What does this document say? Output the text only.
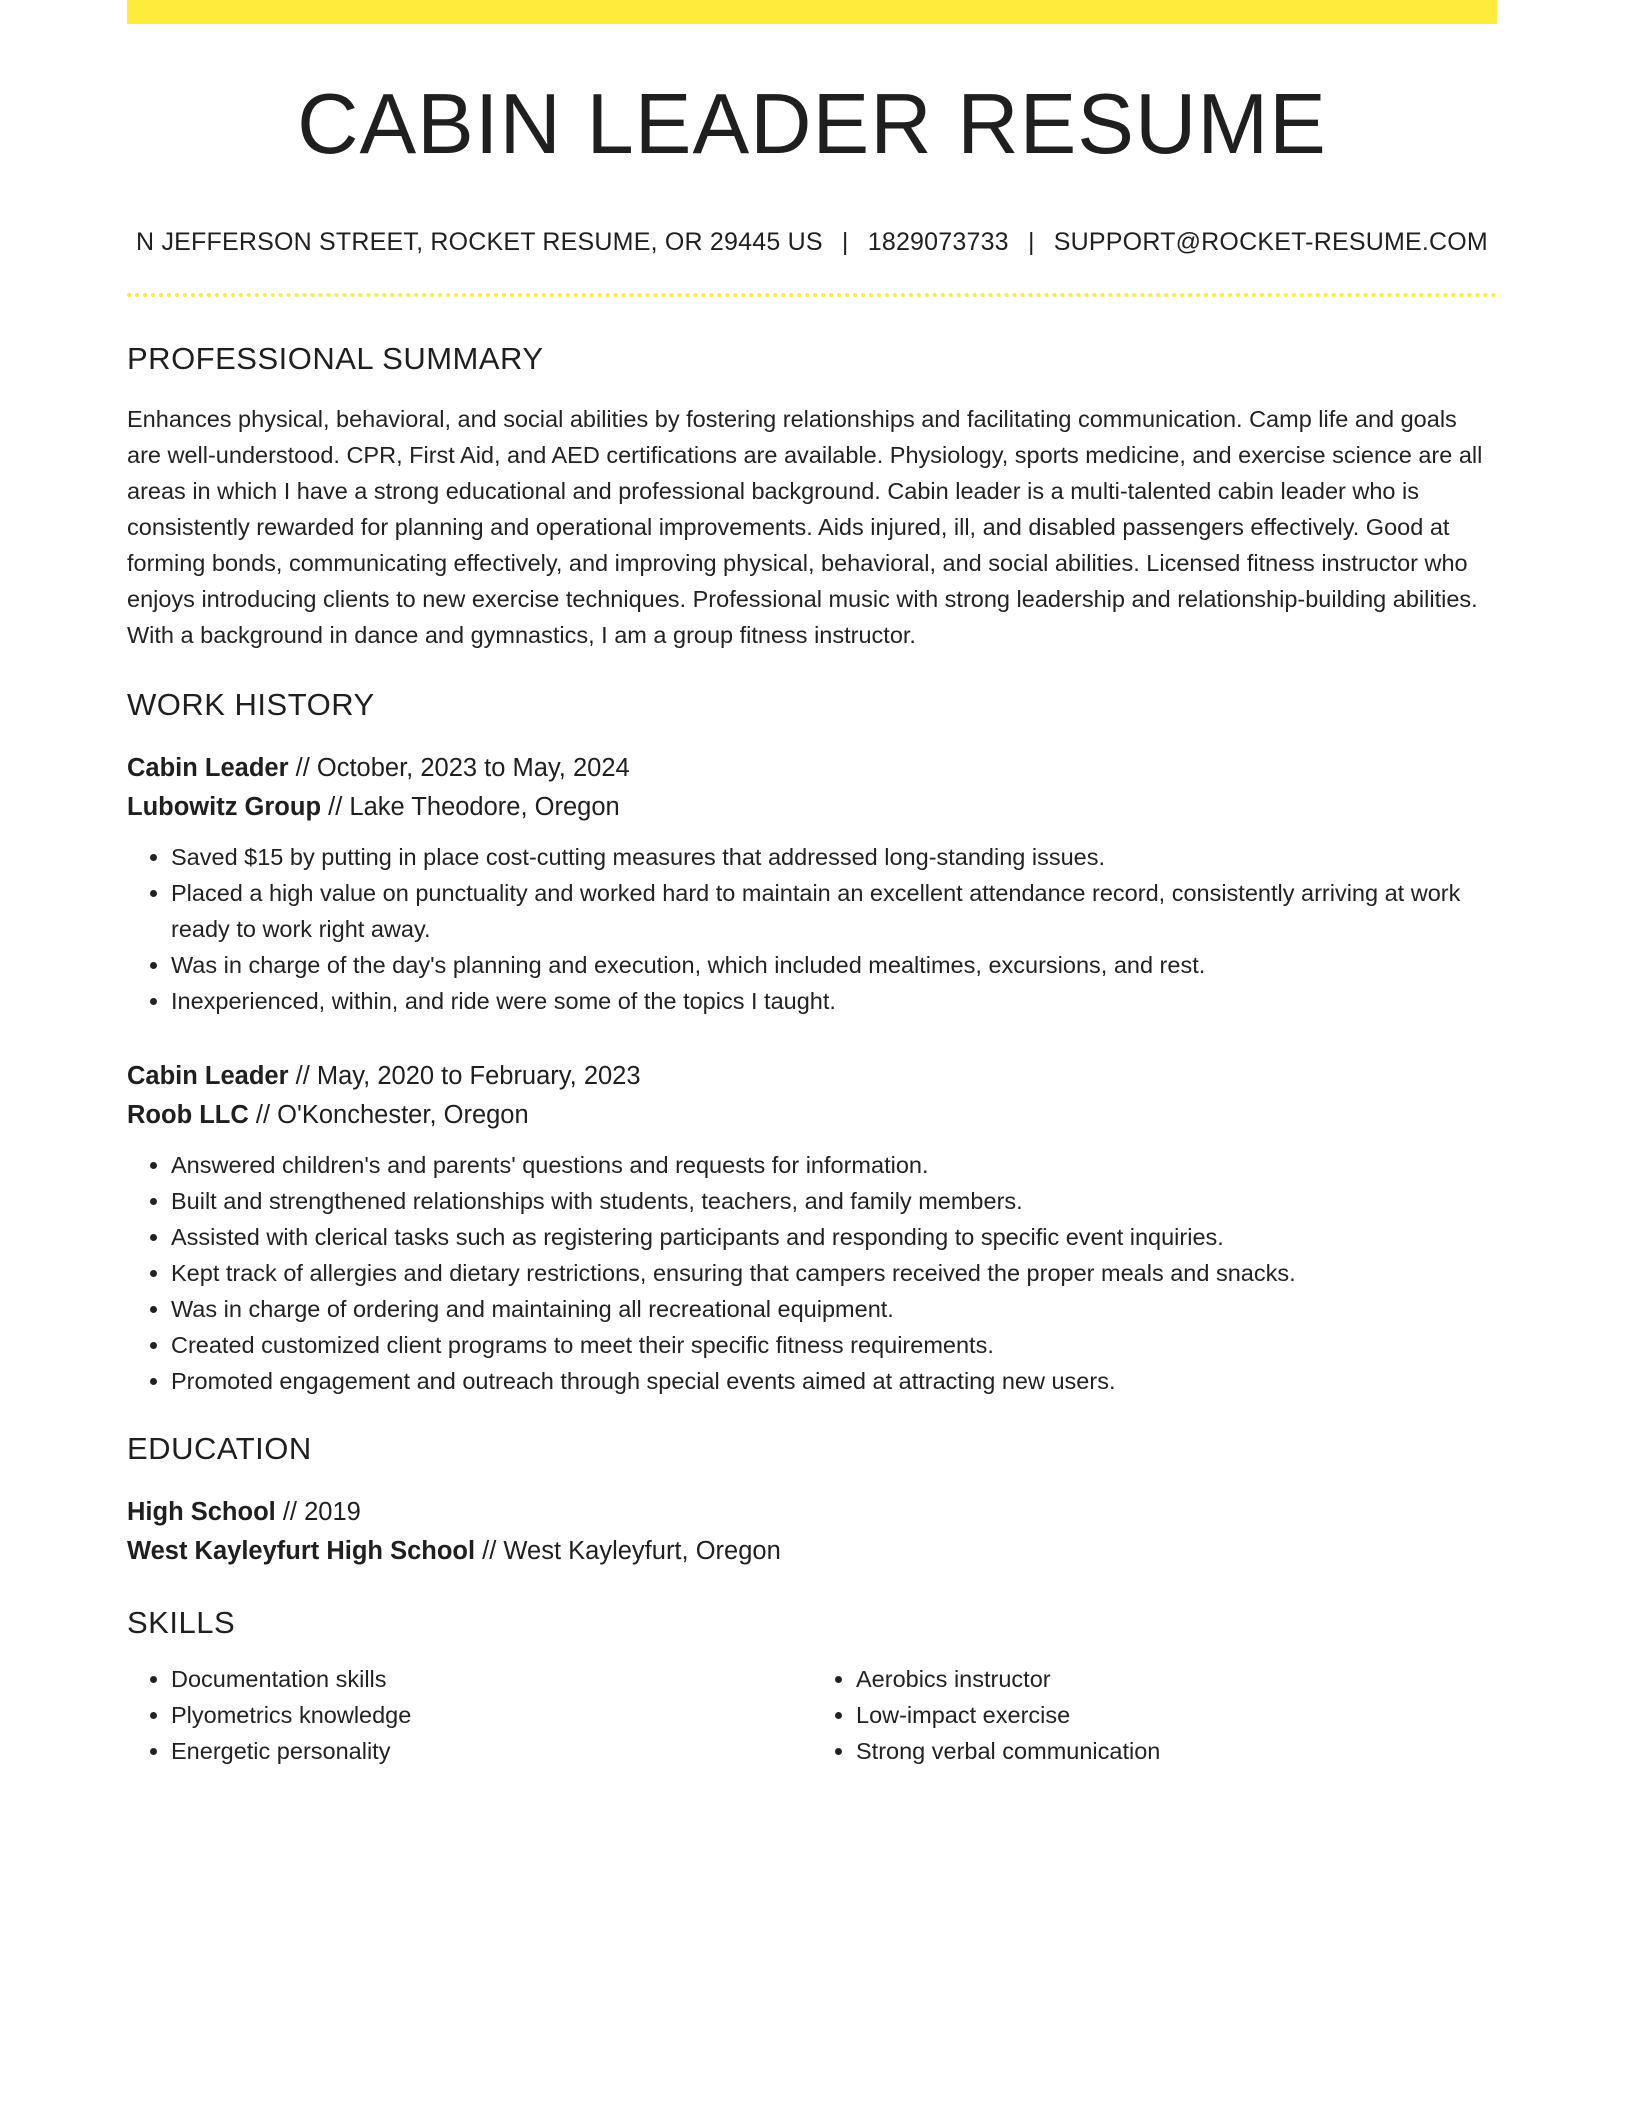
CABIN LEADER RESUME
N JEFFERSON STREET, ROCKET RESUME, OR 29445 US | 1829073733 | SUPPORT@ROCKET-RESUME.COM
PROFESSIONAL SUMMARY

Enhances physical, behavioral, and social abilities by fostering relationships and facilitating communication. Camp life and goals are well-understood. CPR, First Aid, and AED certifications are available. Physiology, sports medicine, and exercise science are all areas in which I have a strong educational and professional background. Cabin leader is a multi-talented cabin leader who is consistently rewarded for planning and operational improvements. Aids injured, ill, and disabled passengers effectively. Good at forming bonds, communicating effectively, and improving physical, behavioral, and social abilities. Licensed fitness instructor who enjoys introducing clients to new exercise techniques. Professional music with strong leadership and relationship-building abilities. With a background in dance and gymnastics, I am a group fitness instructor.

WORK HISTORY
Cabin Leader // October, 2023 to May, 2024
Lubowitz Group // Lake Theodore, Oregon
• Saved $15 by putting in place cost-cutting measures that addressed long-standing issues.
• Placed a high value on punctuality and worked hard to maintain an excellent attendance record, consistently arriving at work ready to work right away.
• Was in charge of the day's planning and execution, which included mealtimes, excursions, and rest.
• Inexperienced, within, and ride were some of the topics I taught.
Cabin Leader // May, 2020 to February, 2023
Roob LLC // O'Konchester, Oregon
• Answered children's and parents' questions and requests for information.
• Built and strengthened relationships with students, teachers, and family members.
• Assisted with clerical tasks such as registering participants and responding to specific event inquiries.
• Kept track of allergies and dietary restrictions, ensuring that campers received the proper meals and snacks.
• Was in charge of ordering and maintaining all recreational equipment.
• Created customized client programs to meet their specific fitness requirements.
• Promoted engagement and outreach through special events aimed at attracting new users.
EDUCATION
High School // 2019
West Kayleyfurt High School // West Kayleyfurt, Oregon
SKILLS
• Documentation skills
• Plyometrics knowledge
• Energetic personality
• Aerobics instructor
• Low-impact exercise
• Strong verbal communication
